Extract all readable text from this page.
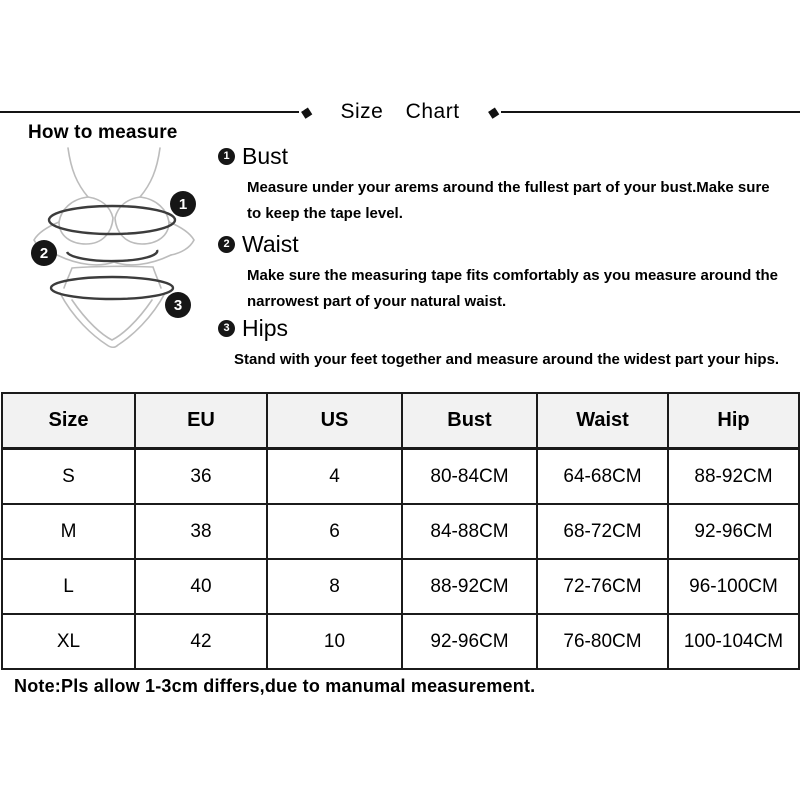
◆ Size Chart ◆
How to measure
1
2
3
1 Bust
Measure under your arems around the fullest part of your bust.Make sure
to keep the tape level.
2 Waist
Make sure the measuring tape fits comfortably as you measure around the
narrowest part of your natural waist.
3 Hips
Stand with your feet together and measure around the widest part your hips.
Size	EU	US	Bust	Waist	Hip
S	36	4	80-84CM	64-68CM	88-92CM
M	38	6	84-88CM	68-72CM	92-96CM
L	40	8	88-92CM	72-76CM	96-100CM
XL	42	10	92-96CM	76-80CM	100-104CM
Note:Pls allow 1-3cm differs,due to manumal measurement.
